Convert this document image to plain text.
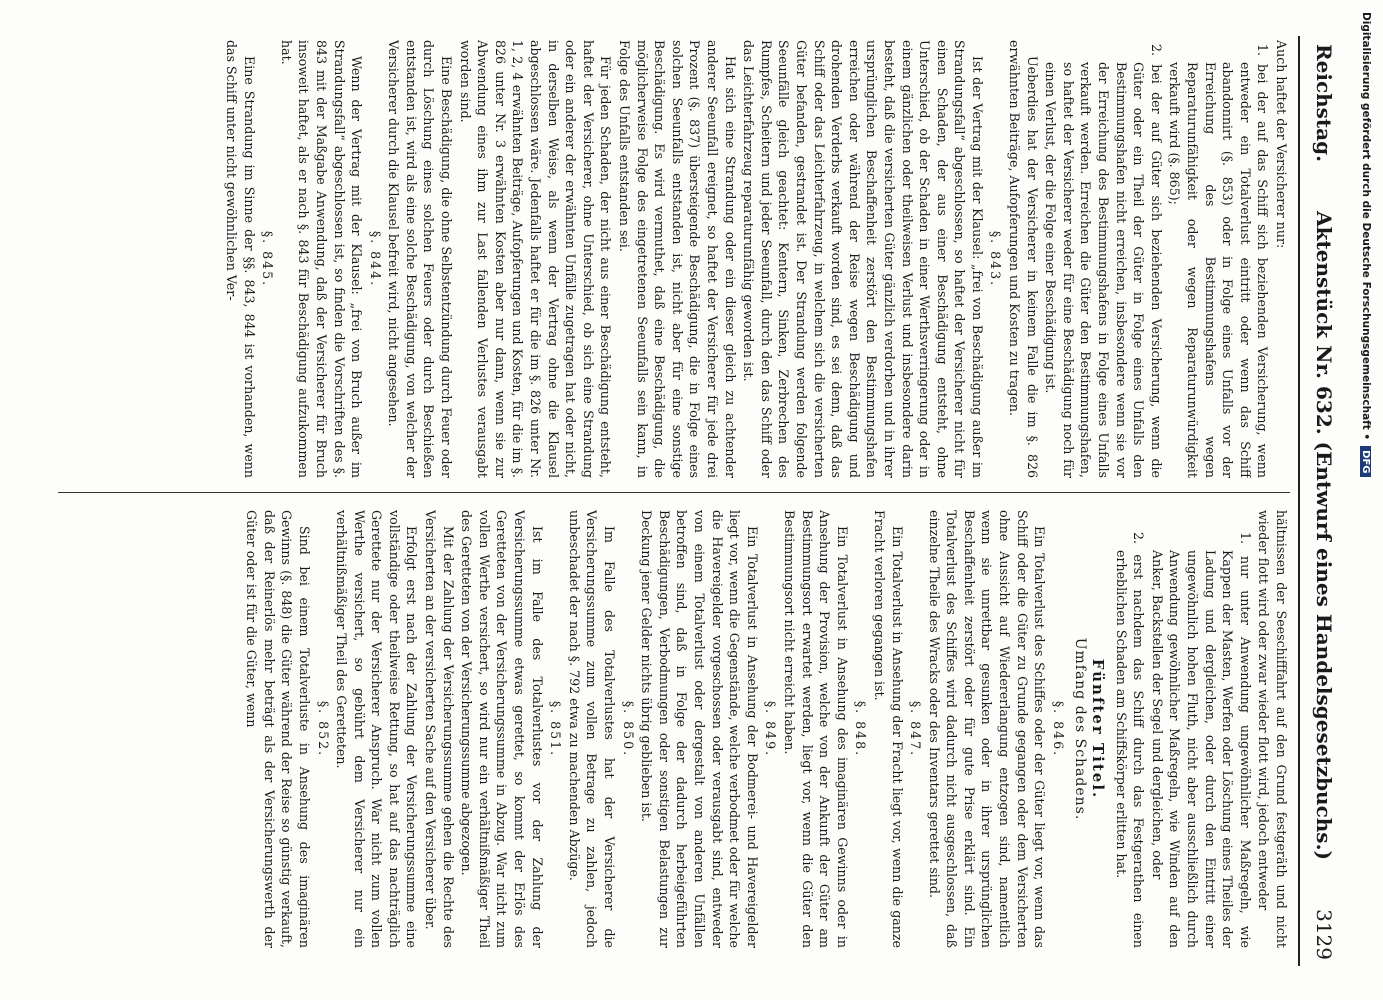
Reichstag.
Aktenstück Nr. 632. (Entwurf eines Handelsgesetzbuchs.)
3129

Auch haftet der Versicherer nur:

1. bei der auf das Schiff sich beziehenden Versicherung, wenn entweder ein Totalverlust eintritt oder wenn das Schiff abandonnirt (§. 853) oder in Folge eines Unfalls vor der Erreichung des Bestimmungshafens wegen Reparaturunfähigkeit oder wegen Reparaturunwürdigkeit verkauft wird (§. 865);
2. bei der auf Güter sich beziehenden Versicherung, wenn die Güter oder ein Theil der Güter in Folge eines Unfalls den Bestimmungshafen nicht erreichen, insbesondere wenn sie vor der Erreichung des Bestimmungshafens in Folge eines Unfalls verkauft werden. Erreichen die Güter den Bestimmungshafen, so haftet der Versicherer weder für eine Beschädigung noch für einen Verlust, der die Folge einer Beschädigung ist.

Ueberdies hat der Versicherer in keinem Falle die im §. 826 erwähnten Beiträge, Aufopferungen und Kosten zu tragen.

§. 843.

Ist der Vertrag mit der Klausel: „frei von Beschädigung außer im Strandungsfall“ abgeschlossen, so haftet der Versicherer nicht für einen Schaden, der aus einer Beschädigung entsteht, ohne Unterschied, ob der Schaden in einer Werthsverringerung oder in einem gänzlichen oder theilweisen Verlust und insbesondere darin besteht, daß die versicherten Güter gänzlich verdorben und in ihrer ursprünglichen Beschaffenheit zerstört den Bestimmungshafen erreichen oder während der Reise wegen Beschädigung und drohenden Verderbs verkauft worden sind, es sei denn, daß das Schiff oder das Leichterfahrzeug, in welchem sich die versicherten Güter befanden, gestrandet ist. Der Strandung werden folgende Seeunfälle gleich geachtet: Kentern, Sinken, Zerbrechen des Rumpfes, Scheitern und jeder Seeunfall, durch den das Schiff oder das Leichterfahrzeug reparaturunfähig geworden ist.

Hat sich eine Strandung oder ein dieser gleich zu achtender anderer Seeunfall ereignet, so haftet der Versicherer für jede drei Prozent (§. 837) übersteigende Beschädigung, die in Folge eines solchen Seeunfalls entstanden ist, nicht aber für eine sonstige Beschädigung. Es wird vermuthet, daß eine Beschädigung, die möglicherweise Folge des eingetretenen Seeunfalls sein kann, in Folge des Unfalls entstanden sei.

Für jeden Schaden, der nicht aus einer Beschädigung entsteht, haftet der Versicherer, ohne Unterschied, ob sich eine Strandung oder ein anderer der erwähnten Unfälle zugetragen hat oder nicht, in derselben Weise, als wenn der Vertrag ohne die Klausel abgeschlossen wäre. Jedenfalls haftet er für die im §. 826 unter Nr. 1, 2, 4 erwähnten Beiträge, Aufopferungen und Kosten, für die im §. 826 unter Nr. 3 erwähnten Kosten aber nur dann, wenn sie zur Abwendung eines ihm zur Last fallenden Verlustes verausgabt worden sind.

Eine Beschädigung, die ohne Selbstentzündung durch Feuer oder durch Löschung eines solchen Feuers oder durch Beschießen entstanden ist, wird als eine solche Beschädigung, von welcher der Versicherer durch die Klausel befreit wird, nicht angesehen.

§. 844.

Wenn der Vertrag mit der Klausel: „frei von Bruch außer im Strandungsfall“ abgeschlossen ist, so finden die Vorschriften des §. 843 mit der Maßgabe Anwendung, daß der Versicherer für Bruch insoweit haftet, als er nach §. 843 für Beschädigung aufzukommen hat.

§. 845.

Eine Strandung im Sinne der §§. 843, 844 ist vorhanden, wenn das Schiff unter nicht gewöhnlichen Ver-

hältnissen der Seeschifffahrt auf den Grund festgeräth und nicht wieder flott wird oder zwar wieder flott wird, jedoch entweder

1. nur unter Anwendung ungewöhnlicher Maßregeln, wie Kappen der Masten, Werfen oder Löschung eines Theiles der Ladung und dergleichen, oder durch den Eintritt einer ungewöhnlich hohen Fluth, nicht aber ausschließlich durch Anwendung gewöhnlicher Maßregeln, wie Winden auf den Anker, Backstellen der Segel und dergleichen, oder
2. erst nachdem das Schiff durch das Festgerathen einen erheblichen Schaden am Schiffskörper erlitten hat.
Fünfter Titel.
Umfang des Schadens.

§. 846.

Ein Totalverlust des Schiffes oder der Güter liegt vor, wenn das Schiff oder die Güter zu Grunde gegangen oder dem Versicherten ohne Aussicht auf Wiedererlangung entzogen sind, namentlich wenn sie unrettbar gesunken oder in ihrer ursprünglichen Beschaffenheit zerstört oder für gute Prise erklärt sind. Ein Totalverlust des Schiffes wird dadurch nicht ausgeschlossen, daß einzelne Theile des Wracks oder des Inventars gerettet sind.

§. 847.

Ein Totalverlust in Ansehung der Fracht liegt vor, wenn die ganze Fracht verloren gegangen ist.

§. 848.

Ein Totalverlust in Ansehung des imaginären Gewinns oder in Ansehung der Provision, welche von der Ankunft der Güter am Bestimmungsort erwartet werden, liegt vor, wenn die Güter den Bestimmungsort nicht erreicht haben.

§. 849.

Ein Totalverlust in Ansehung der Bodmerei- und Havereigelder liegt vor, wenn die Gegenstände, welche verbodmet oder für welche die Havereigelder vorgeschossen oder verausgabt sind, entweder von einem Totalverlust oder dergestalt von anderen Unfällen betroffen sind, daß in Folge der dadurch herbeigeführten Beschädigungen, Verbodmungen oder sonstigen Belastungen zur Deckung jener Gelder nichts übrig geblieben ist.

§. 850.

Im Falle des Totalverlustes hat der Versicherer die Versicherungssumme zum vollen Betrage zu zahlen, jedoch unbeschadet der nach §. 792 etwa zu machenden Abzüge.

§. 851.

Ist im Falle des Totalverlustes vor der Zahlung der Versicherungssumme etwas gerettet, so kommt der Erlös des Geretteten von der Versicherungssumme in Abzug. War nicht zum vollen Werthe versichert, so wird nur ein verhältnißmäßiger Theil des Geretteten von der Versicherungssumme abgezogen.

Mit der Zahlung der Versicherungssumme gehen die Rechte des Versicherten an der versicherten Sache auf den Versicherer über.

Erfolgt erst nach der Zahlung der Versicherungssumme eine vollständige oder theilweise Rettung, so hat auf das nachträglich Gerettete nur der Versicherer Anspruch. War nicht zum vollen Werthe versichert, so gebührt dem Versicherer nur ein verhältnißmäßiger Theil des Geretteten.

§. 852.

Sind bei einem Totalverluste in Ansehung des imaginären Gewinns (§. 848) die Güter während der Reise so günstig verkauft, daß der Reinerlös mehr beträgt als der Versicherungswerth der Güter oder ist für die Güter, wenn

Digitalisierung gefördert durch die Deutsche Forschungsgemeinschaft •
DFG
